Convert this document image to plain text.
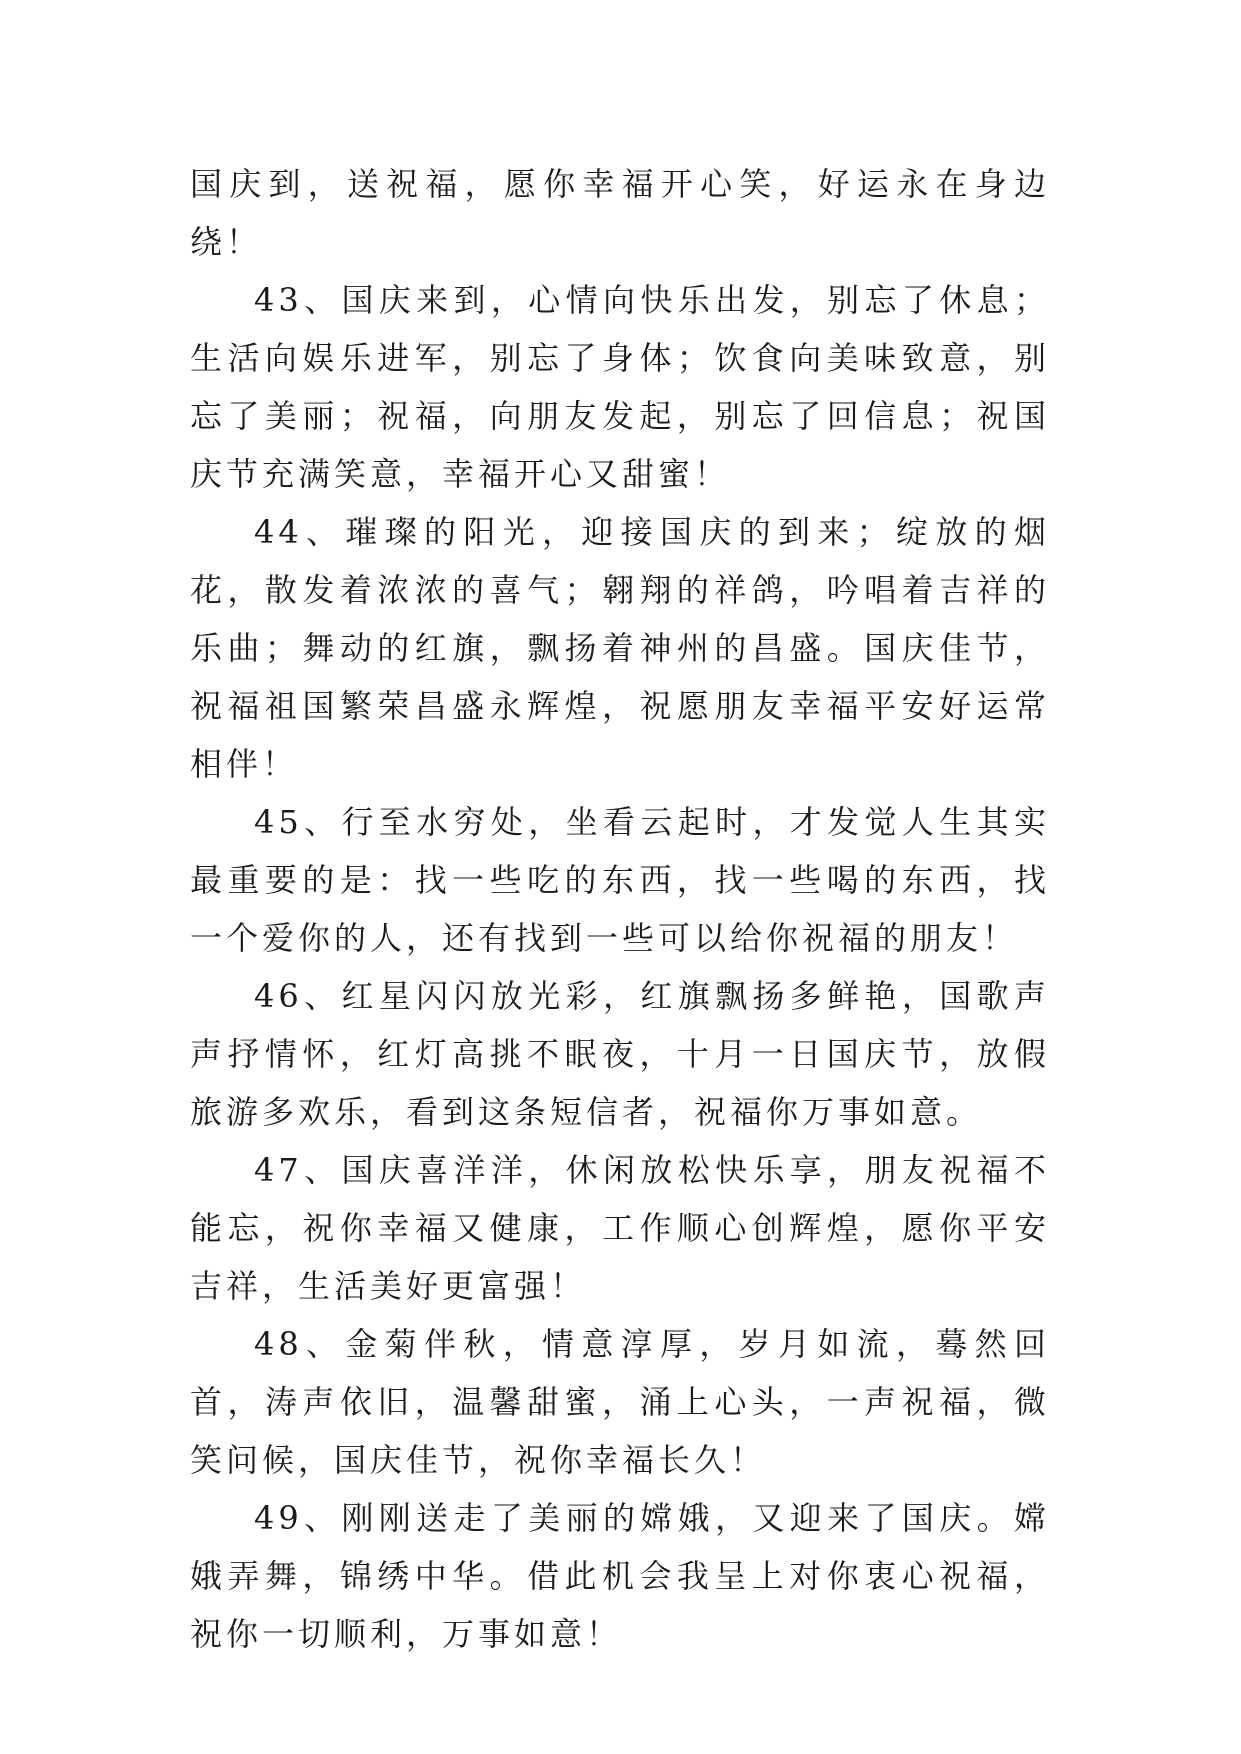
国庆到，送祝福，愿你幸福开心笑，好运永在身边绕！

43、国庆来到，心情向快乐出发，别忘了休息；生活向娱乐进军，别忘了身体；饮食向美味致意，别忘了美丽；祝福，向朋友发起，别忘了回信息；祝国庆节充满笑意，幸福开心又甜蜜！

44、璀璨的阳光，迎接国庆的到来；绽放的烟花，散发着浓浓的喜气；翱翔的祥鸽，吟唱着吉祥的乐曲；舞动的红旗，飘扬着神州的昌盛。国庆佳节，祝福祖国繁荣昌盛永辉煌，祝愿朋友幸福平安好运常相伴！

45、行至水穷处，坐看云起时，才发觉人生其实最重要的是：找一些吃的东西，找一些喝的东西，找一个爱你的人，还有找到一些可以给你祝福的朋友！

46、红星闪闪放光彩，红旗飘扬多鲜艳，国歌声声抒情怀，红灯高挑不眠夜，十月一日国庆节，放假旅游多欢乐，看到这条短信者，祝福你万事如意。

47、国庆喜洋洋，休闲放松快乐享，朋友祝福不能忘，祝你幸福又健康，工作顺心创辉煌，愿你平安吉祥，生活美好更富强！

48、金菊伴秋，情意淳厚，岁月如流，蓦然回首，涛声依旧，温馨甜蜜，涌上心头，一声祝福，微笑问候，国庆佳节，祝你幸福长久！

49、刚刚送走了美丽的嫦娥，又迎来了国庆。嫦娥弄舞，锦绣中华。借此机会我呈上对你衷心祝福，祝你一切顺利，万事如意！
